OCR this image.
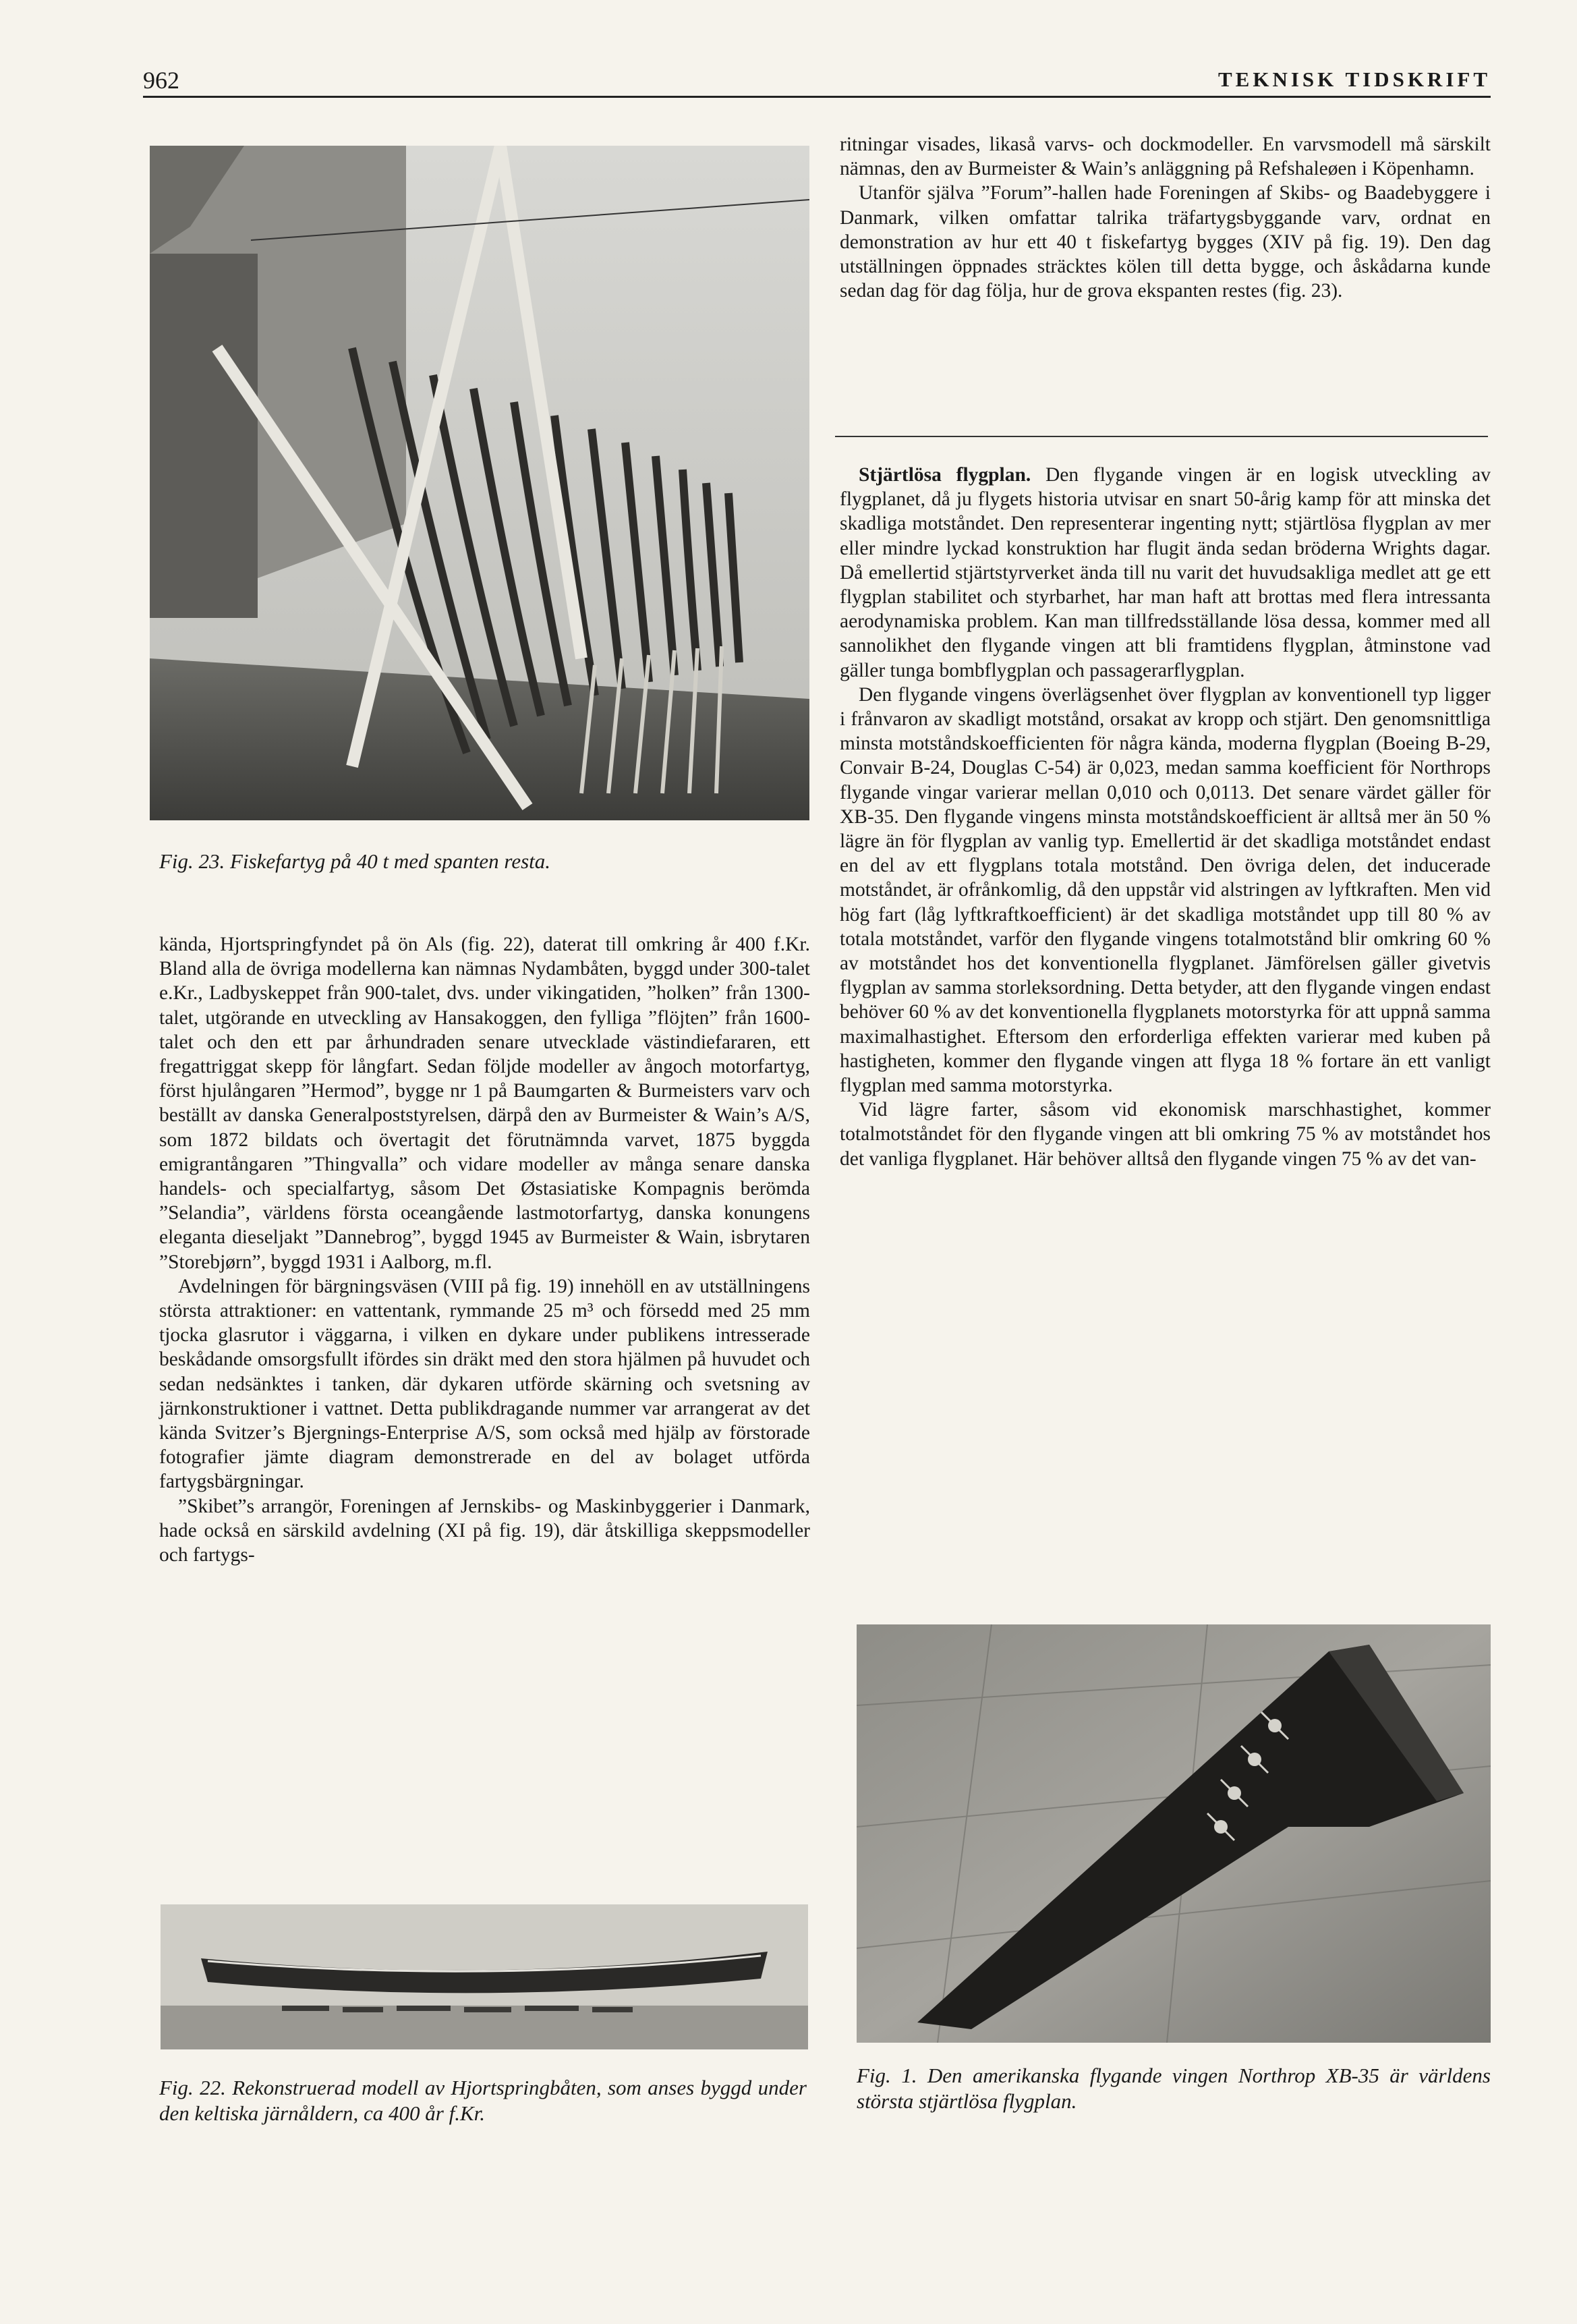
962	TEKNISK TIDSKRIFT
Fig. 23. Fiskefartyg på 40 t med spanten resta.

kända, Hjortspringfyndet på ön Als (fig. 22), daterat till omkring år 400 f.Kr. Bland alla de övriga modellerna kan nämnas Nydambåten, byggd under 300-talet e.Kr., Ladbyskeppet från 900-talet, dvs. under vikingatiden, ”holken” från 1300-talet, utgörande en utveckling av Hansakoggen, den fylliga ”flöjten” från 1600-talet och den ett par århundraden senare utvecklade västindiefararen, ett fregattriggat skepp för långfart. Sedan följde modeller av ångoch motorfartyg, först hjulångaren ”Hermod”, bygge nr 1 på Baumgarten & Burmeisters varv och beställt av danska Generalpoststyrelsen, därpå den av Burmeister & Wain’s A/S, som 1872 bildats och övertagit det förutnämnda varvet, 1875 byggda emigrantångaren ”Thingvalla” och vidare modeller av många senare danska handels- och specialfartyg, såsom Det Østasiatiske Kompagnis berömda ”Selandia”, världens första oceangående lastmotorfartyg, danska konungens eleganta dieseljakt ”Dannebrog”, byggd 1945 av Burmeister & Wain, isbrytaren ”Storebjørn”, byggd 1931 i Aalborg, m.fl.

Avdelningen för bärgningsväsen (VIII på fig. 19) innehöll en av utställningens största attraktioner: en vattentank, rymmande 25 m³ och försedd med 25 mm tjocka glasrutor i väggarna, i vilken en dykare under publikens intresserade beskådande omsorgsfullt ifördes sin dräkt med den stora hjälmen på huvudet och sedan nedsänktes i tanken, där dykaren utförde skärning och svetsning av järnkonstruktioner i vattnet. Detta publikdragande nummer var arrangerat av det kända Svitzer’s Bjergnings-Enterprise A/S, som också med hjälp av förstorade fotografier jämte diagram demonstrerade en del av bolaget utförda fartygsbärgningar.

”Skibet”s arrangör, Foreningen af Jernskibs- og Maskinbyggerier i Danmark, hade också en särskild avdelning (XI på fig. 19), där åtskilliga skeppsmodeller och fartygs-

Fig. 22. Rekonstruerad modell av Hjortspringbåten, som anses byggd under den keltiska järnåldern, ca 400 år f.Kr.

ritningar visades, likaså varvs- och dockmodeller. En varvsmodell må särskilt nämnas, den av Burmeister & Wain’s anläggning på Refshaleøen i Köpenhamn.

Utanför själva ”Forum”-hallen hade Foreningen af Skibs- og Baadebyggere i Danmark, vilken omfattar talrika träfartygsbyggande varv, ordnat en demonstration av hur ett 40 t fiskefartyg bygges (XIV på fig. 19). Den dag utställningen öppnades sträcktes kölen till detta bygge, och åskådarna kunde sedan dag för dag följa, hur de grova ekspanten restes (fig. 23).

Stjärtlösa flygplan. Den flygande vingen är en logisk utveckling av flygplanet, då ju flygets historia utvisar en snart 50-årig kamp för att minska det skadliga motståndet. Den representerar ingenting nytt; stjärtlösa flygplan av mer eller mindre lyckad konstruktion har flugit ända sedan bröderna Wrights dagar. Då emellertid stjärtstyrverket ända till nu varit det huvudsakliga medlet att ge ett flygplan stabilitet och styrbarhet, har man haft att brottas med flera intressanta aerodynamiska problem. Kan man tillfredsställande lösa dessa, kommer med all sannolikhet den flygande vingen att bli framtidens flygplan, åtminstone vad gäller tunga bombflygplan och passagerarflygplan.

Den flygande vingens överlägsenhet över flygplan av konventionell typ ligger i frånvaron av skadligt motstånd, orsakat av kropp och stjärt. Den genomsnittliga minsta motståndskoefficienten för några kända, moderna flygplan (Boeing B-29, Convair B-24, Douglas C-54) är 0,023, medan samma koefficient för Northrops flygande vingar varierar mellan 0,010 och 0,0113. Det senare värdet gäller för XB-35. Den flygande vingens minsta motståndskoefficient är alltså mer än 50 % lägre än för flygplan av vanlig typ. Emellertid är det skadliga motståndet endast en del av ett flygplans totala motstånd. Den övriga delen, det inducerade motståndet, är ofrånkomlig, då den uppstår vid alstringen av lyftkraften. Men vid hög fart (låg lyftkraftkoefficient) är det skadliga motståndet upp till 80 % av totala motståndet, varför den flygande vingens totalmotstånd blir omkring 60 % av motståndet hos det konventionella flygplanet. Jämförelsen gäller givetvis flygplan av samma storleksordning. Detta betyder, att den flygande vingen endast behöver 60 % av det konventionella flygplanets motorstyrka för att uppnå samma maximalhastighet. Eftersom den erforderliga effekten varierar med kuben på hastigheten, kommer den flygande vingen att flyga 18 % fortare än ett vanligt flygplan med samma motorstyrka.

Vid lägre farter, såsom vid ekonomisk marschhastighet, kommer totalmotståndet för den flygande vingen att bli omkring 75 % av motståndet hos det vanliga flygplanet. Här behöver alltså den flygande vingen 75 % av det van-

Fig. 1. Den amerikanska flygande vingen Northrop XB-35 är världens största stjärtlösa flygplan.
